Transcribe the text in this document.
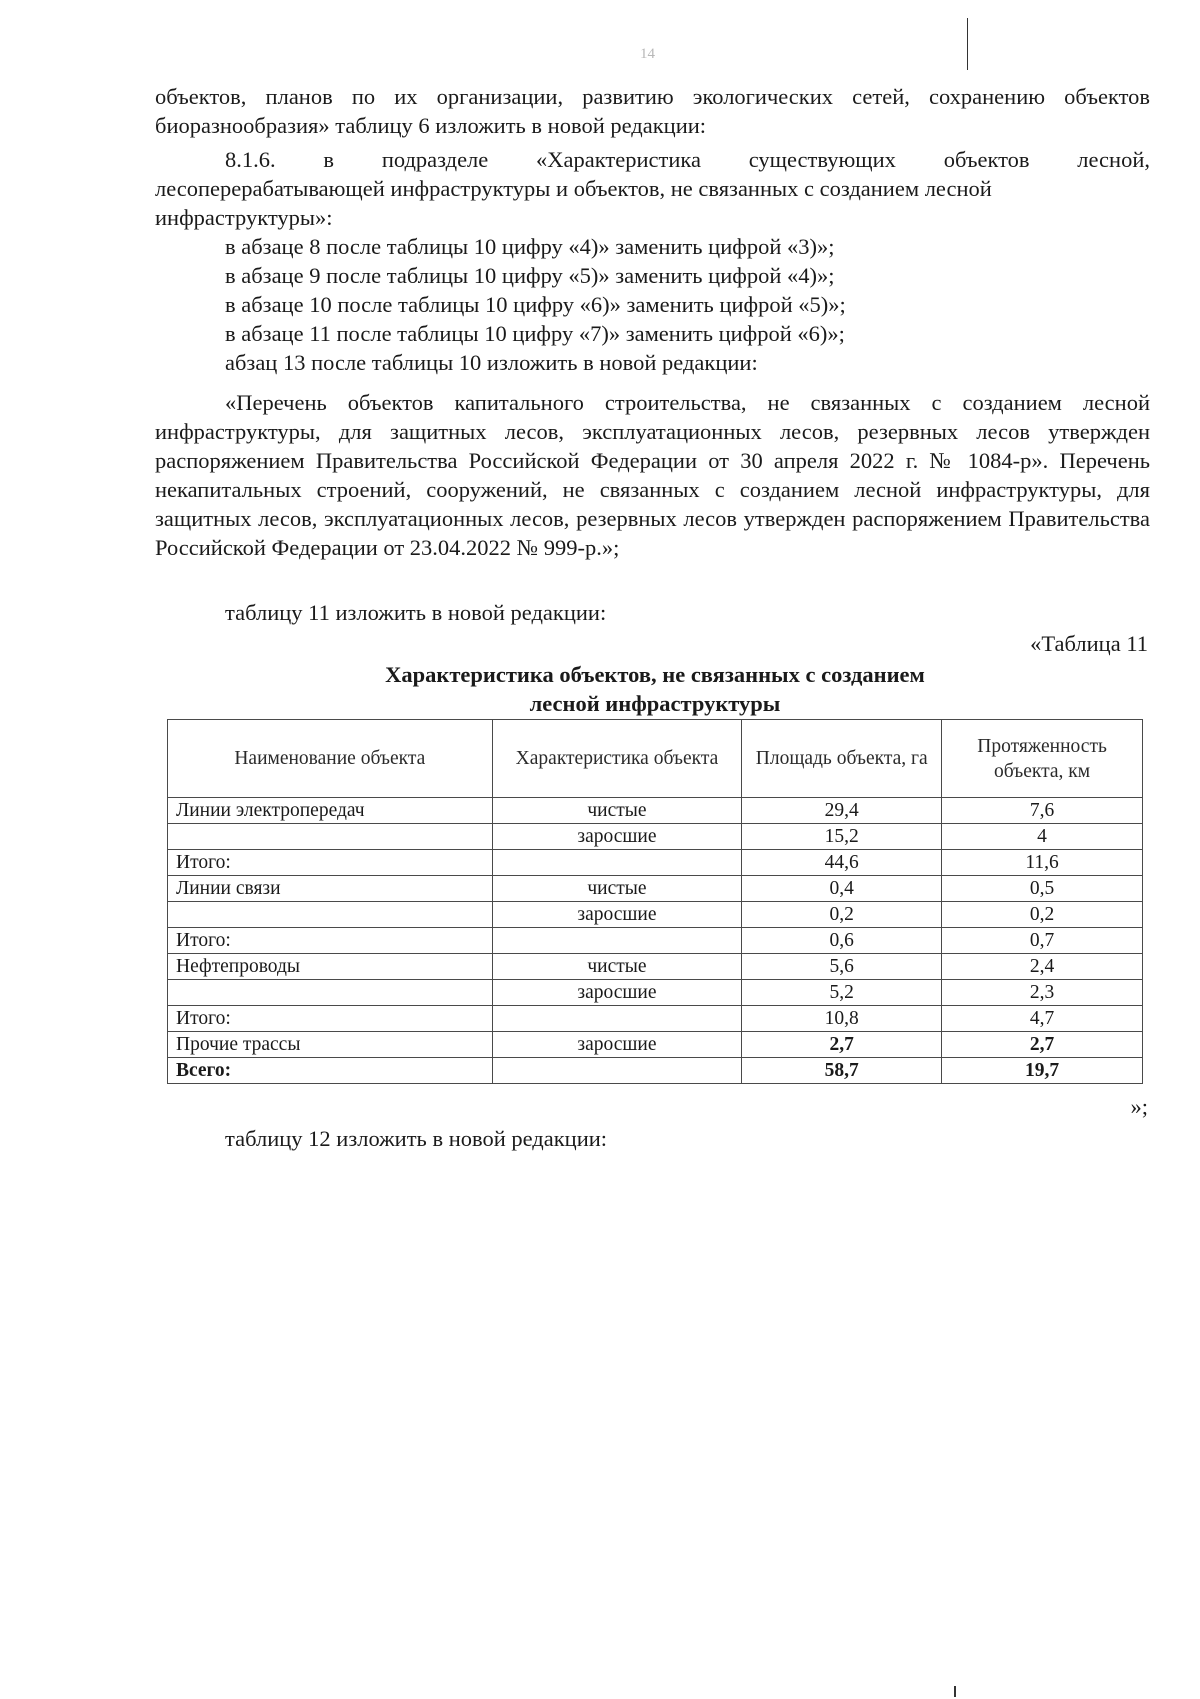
14

объектов, планов по их организации, развитию экологических сетей, сохранению объектов биоразнообразия» таблицу 6 изложить в новой редакции:

8.1.6. в подразделе «Характеристика существующих объектов лесной,

лесоперерабатывающей инфраструктуры и объектов, не связанных с созданием лесной инфраструктуры»:

в абзаце 8 после таблицы 10 цифру «4)» заменить цифрой «3)»;

в абзаце 9 после таблицы 10 цифру «5)» заменить цифрой «4)»;

в абзаце 10 после таблицы 10 цифру «6)» заменить цифрой «5)»;

в абзаце 11 после таблицы 10 цифру «7)» заменить цифрой «6)»;

абзац 13 после таблицы 10 изложить в новой редакции:

«Перечень объектов капитального строительства, не связанных с созданием лесной инфраструктуры, для защитных лесов, эксплуатационных лесов, резервных лесов утвержден распоряжением Правительства Российской Федерации от 30 апреля 2022 г. № 1084-р». Перечень некапитальных строений, сооружений, не связанных с созданием лесной инфраструктуры, для защитных лесов, эксплуатационных лесов, резервных лесов утвержден распоряжением Правительства Российской Федерации от 23.04.2022 № 999-р.»;

таблицу 11 изложить в новой редакции:

«Таблица 11
Характеристика объектов, не связанных с созданием
лесной инфраструктуры
Наименование объекта	Характеристика объекта	Площадь объекта, га	Протяженность объекта, км
Линии электропередач	чистые	29,4	7,6
	заросшие	15,2	4
Итого:		44,6	11,6
Линии связи	чистые	0,4	0,5
	заросшие	0,2	0,2
Итого:		0,6	0,7
Нефтепроводы	чистые	5,6	2,4
	заросшие	5,2	2,3
Итого:		10,8	4,7
Прочие трассы	заросшие	2,7	2,7
Всего:		58,7	19,7
»;

таблицу 12 изложить в новой редакции:
